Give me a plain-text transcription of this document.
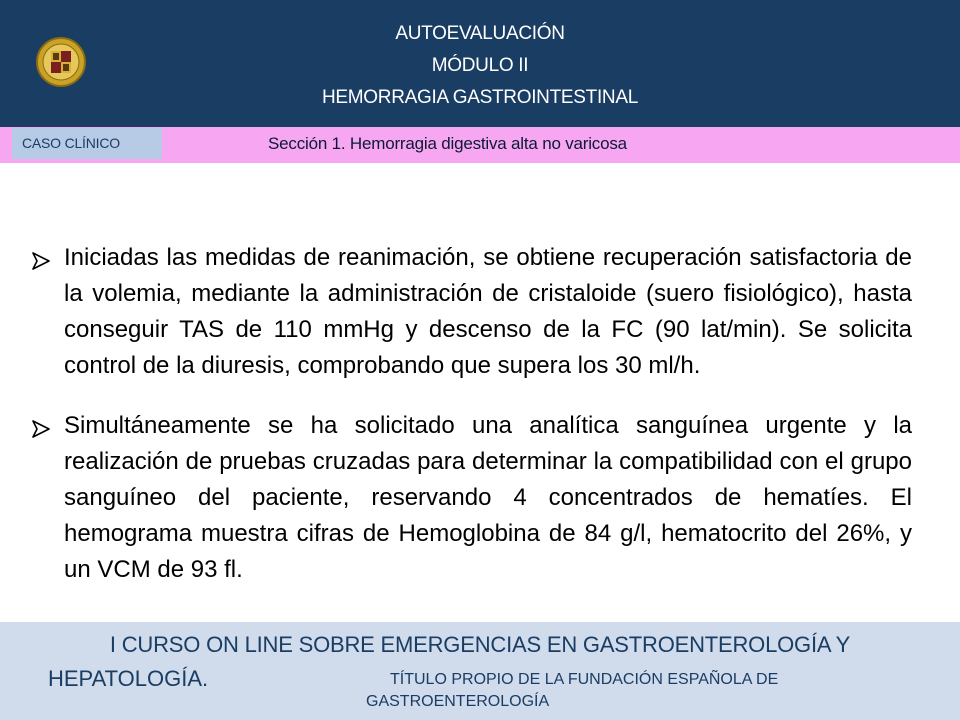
AUTOEVALUACIÓN
MÓDULO II
HEMORRAGIA GASTROINTESTINAL
Sección 1. Hemorragia digestiva alta no varicosa
CASO CLÍNICO
Iniciadas las medidas de reanimación, se obtiene recuperación satisfactoria de la volemia, mediante la administración de cristaloide (suero fisiológico), hasta conseguir TAS de 110 mmHg y descenso de la FC (90 lat/min). Se solicita control de la diuresis, comprobando que supera los 30 ml/h.
Simultáneamente se ha solicitado una analítica sanguínea urgente y la realización de pruebas cruzadas para determinar la compatibilidad con el grupo sanguíneo del paciente, reservando 4 concentrados de hematíes. El hemograma muestra cifras de Hemoglobina de 84 g/l, hematocrito del 26%, y un VCM de 93 fl.
I CURSO ON LINE SOBRE EMERGENCIAS EN GASTROENTEROLOGÍA Y
HEPATOLOGÍA.	TÍTULO PROPIO DE LA FUNDACIÓN ESPAÑOLA DE
GASTROENTEROLOGÍA
